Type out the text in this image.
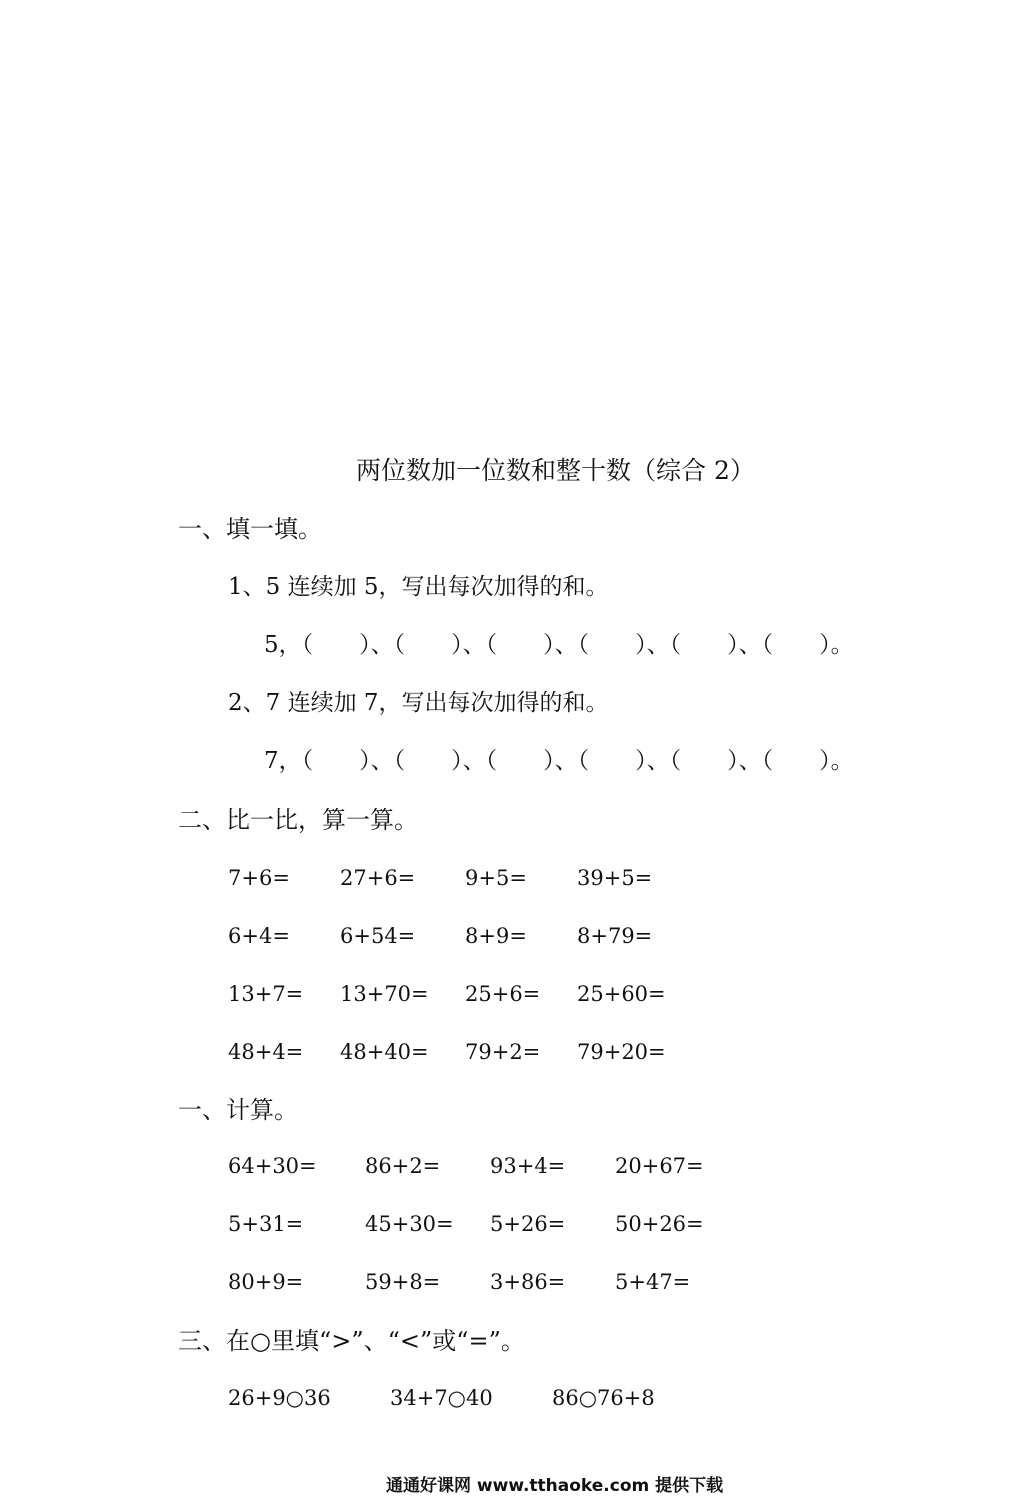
两位数加一位数和整十数（综合 2）
一、填一填。
1、5 连续加 5，写出每次加得的和。
5，（　　）、（　　）、（　　）、（　　）、（　　）、（　　）。
2、7 连续加 7，写出每次加得的和。
7，（　　）、（　　）、（　　）、（　　）、（　　）、（　　）。
二、比一比，算一算。
7+6= 27+6= 9+5= 39+5=
6+4= 6+54= 8+9= 8+79=
13+7= 13+70= 25+6= 25+60=
48+4= 48+40= 79+2= 79+20=
一、计算。
64+30= 86+2= 93+4= 20+67=
5+31=	45+30= 5+26= 50+26=
80+9=	59+8= 3+86= 5+47=
三、在○里填“>”、“<”或“=”。
26+9○36	34+7○40	86○76+8
通通好课网 www.tthaoke.com 提供下载
